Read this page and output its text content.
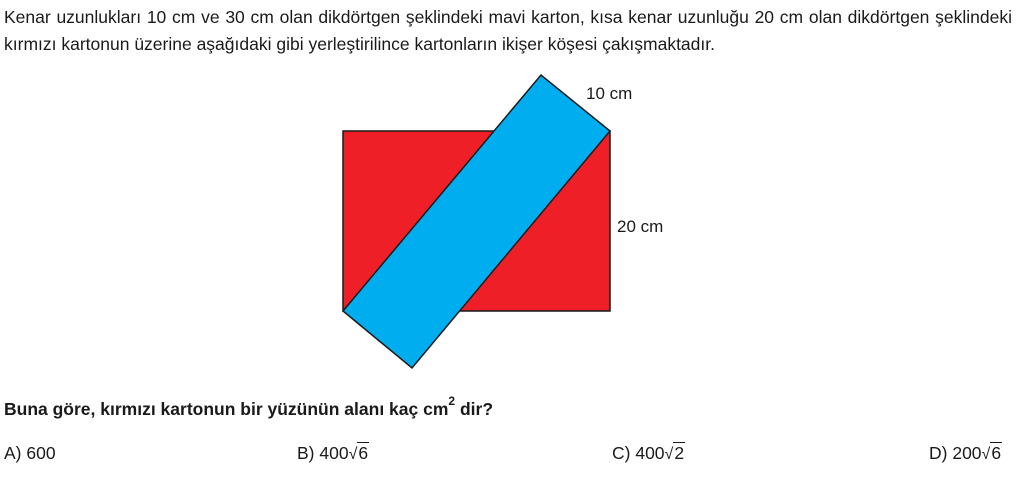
Kenar uzunlukları 10 cm ve 30 cm olan dikdörtgen şeklindeki mavi karton, kısa kenar uzunluğu 20 cm olan dikdörtgen şeklindeki kırmızı kartonun üzerine aşağıdaki gibi yerleştirilince kartonların ikişer köşesi çakışmaktadır.

10 cm
20 cm
Buna göre, kırmızı kartonun bir yüzünün alanı kaç $cm^2$ dir?
A) 600	B) 400√6	C) 400√2	D) 200√6
